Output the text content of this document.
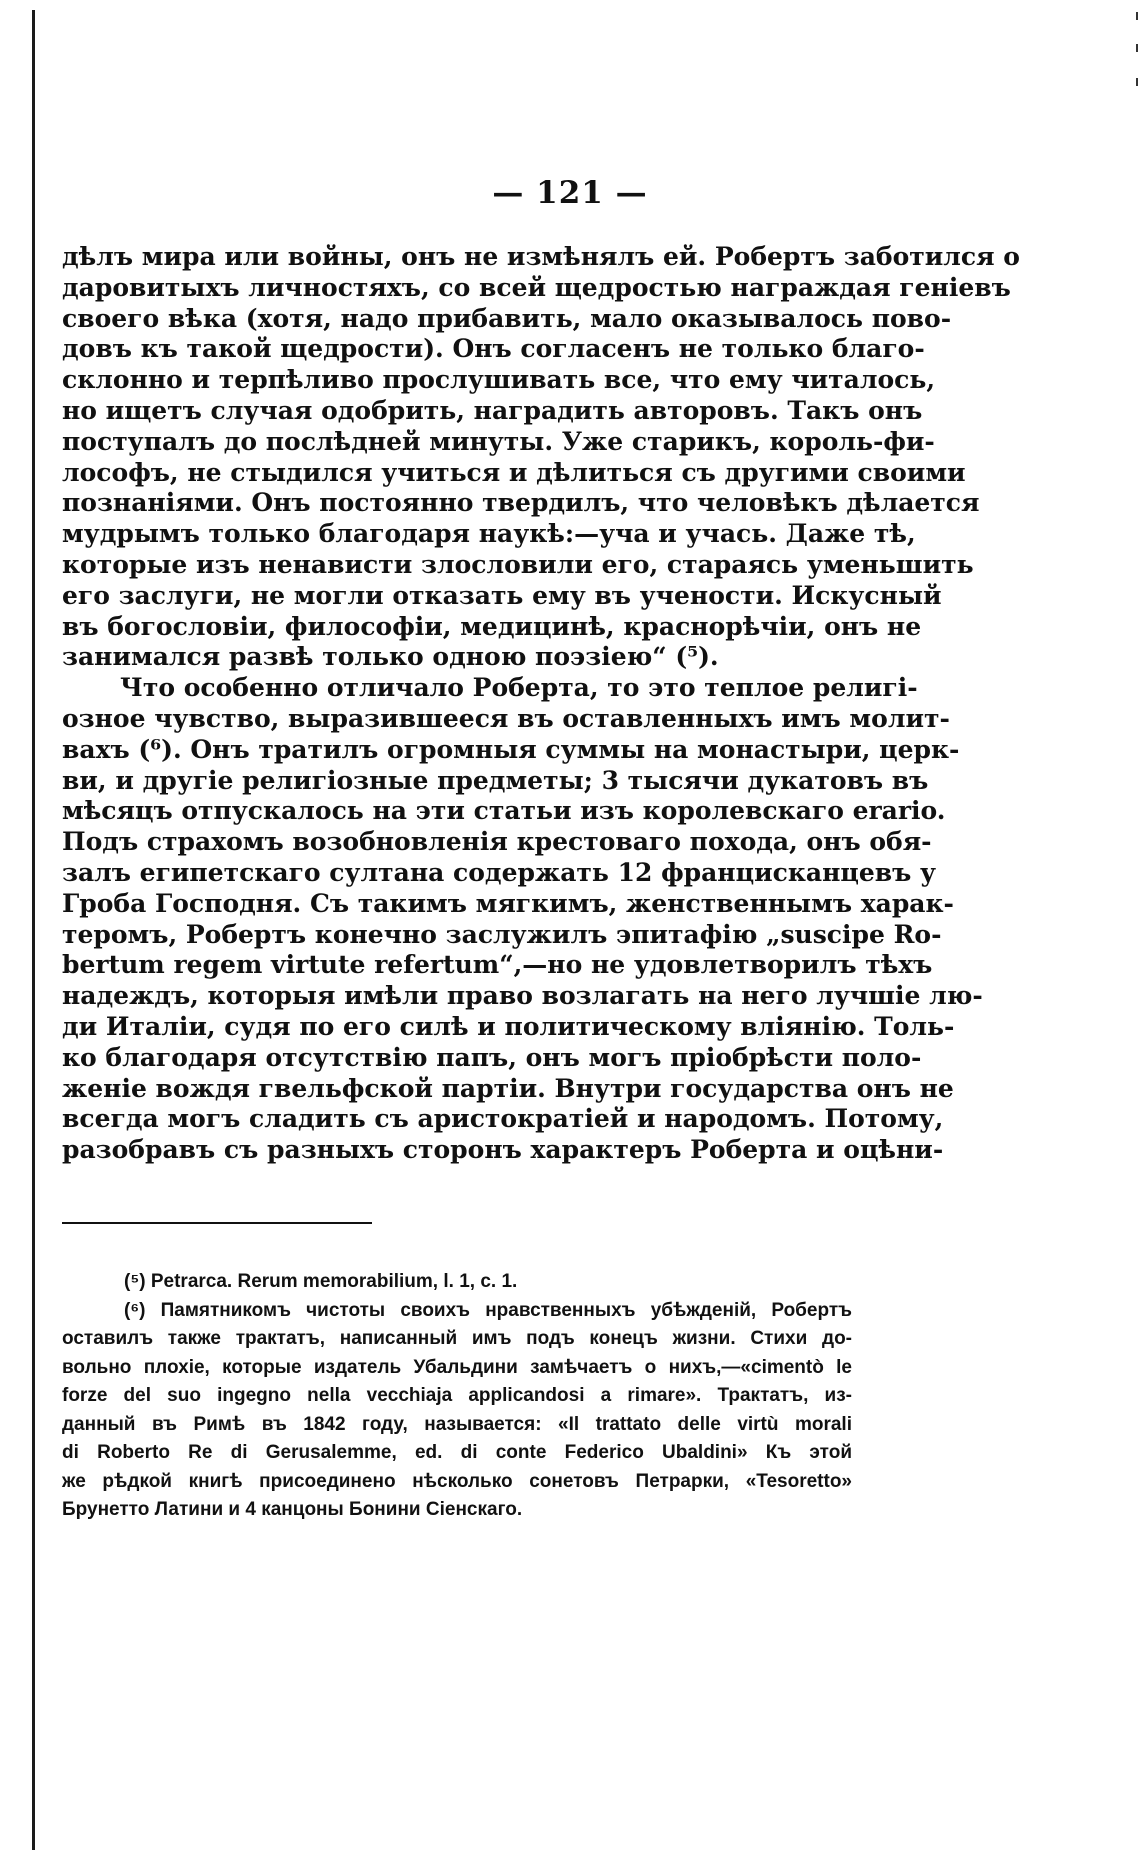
— 121 —
дѣлъ мира или войны, онъ не измѣнялъ ей. Робертъ заботился о
даровитыхъ личностяхъ, со всей щедростью награждая геніевъ
своего вѣка (хотя, надо прибавить, мало оказывалось пово-
довъ къ такой щедрости). Онъ согласенъ не только благо-
склонно и терпѣливо прослушивать все, что ему читалось,
но ищетъ случая одобрить, наградить авторовъ. Такъ онъ
поступалъ до послѣдней минуты. Уже старикъ, король-фи-
лософъ, не стыдился учиться и дѣлиться съ другими своими
познаніями. Онъ постоянно твердилъ, что человѣкъ дѣлается
мудрымъ только благодаря наукѣ:—уча и учась. Даже тѣ,
которые изъ ненависти злословили его, стараясь уменьшить
его заслуги, не могли отказать ему въ учености. Искусный
въ богословіи, философіи, медицинѣ, краснорѣчіи, онъ не
занимался развѣ только одною поэзіею“ (⁵).
Что особенно отличало Роберта, то это теплое религі-
озное чувство, выразившееся въ оставленныхъ имъ молит-
вахъ (⁶). Онъ тратилъ огромныя суммы на монастыри, церк-
ви, и другіе религіозные предметы; 3 тысячи дукатовъ въ
мѣсяцъ отпускалось на эти статьи изъ королевскаго erario.
Подъ страхомъ возобновленія крестоваго похода, онъ обя-
залъ египетскаго султана содержать 12 францисканцевъ у
Гроба Господня. Съ такимъ мягкимъ, женственнымъ харак-
теромъ, Робертъ конечно заслужилъ эпитафію „suscipe Ro-
bertum regem virtute refertum“,—но не удовлетворилъ тѣхъ
надеждъ, которыя имѣли право возлагать на него лучшіе лю-
ди Италіи, судя по его силѣ и политическому вліянію. Толь-
ко благодаря отсутствію папъ, онъ могъ пріобрѣсти поло-
женіе вождя гвельфской партіи. Внутри государства онъ не
всегда могъ сладить съ аристократіей и народомъ. Потому,
разобравъ съ разныхъ сторонъ характеръ Роберта и оцѣни-
(⁵) Petrarca. Rerum memorabilium, l. 1, c. 1.
(⁶) Памятникомъ чистоты своихъ нравственныхъ убѣжденій, Робертъ
оставилъ также трактатъ, написанный имъ подъ конецъ жизни. Стихи до-
вольно плохіе, которые издатель Убальдини замѣчаетъ о нихъ,—«cimentò le
forze del suo ingegno nella vecchiaja applicandosi a rimare». Трактатъ, из-
данный въ Римѣ въ 1842 году, называется: «Il trattato delle virtù morali
di Roberto Re di Gerusalemme, ed. di conte Federico Ubaldini» Къ этой
же рѣдкой книгѣ присоединено нѣсколько сонетовъ Петрарки, «Tesoretto»
Брунетто Латини и 4 канцоны Бонини Сіенскаго.
